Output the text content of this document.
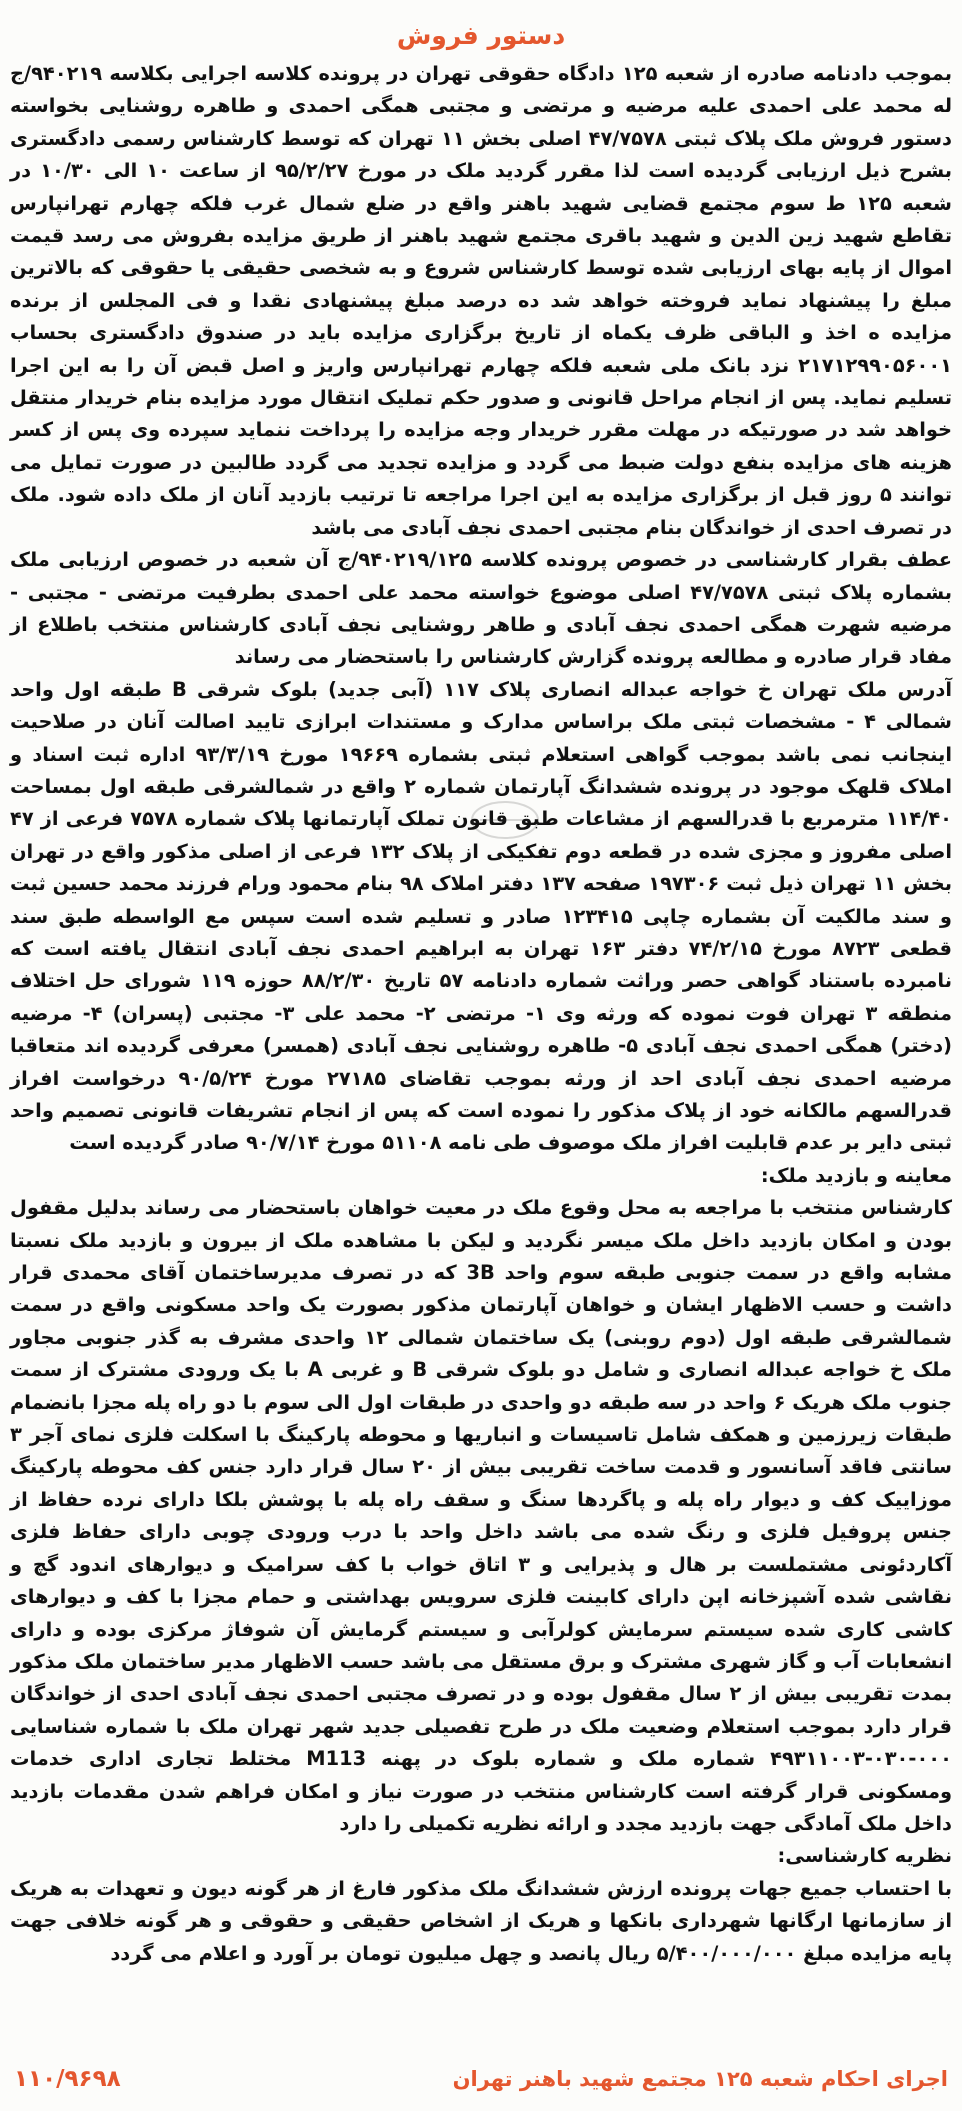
دستور فروش

بموجب دادنامه صادره از شعبه ۱۲۵ دادگاه حقوقی تهران در پرونده کلاسه اجرایی بکلاسه ۹۴۰۲۱۹/ج له محمد علی احمدی علیه مرضیه و مرتضی و مجتبی همگی احمدی و طاهره روشنایی بخواسته دستور فروش ملک پلاک ثبتی ۴۷/۷۵۷۸ اصلی بخش ۱۱ تهران که توسط کارشناس رسمی دادگستری بشرح ذیل ارزیابی گردیده است لذا مقرر گردید ملک در مورخ ۹۵/۲/۲۷ از ساعت ۱۰ الی ۱۰/۳۰ در شعبه ۱۲۵ ط سوم مجتمع قضایی شهید باهنر واقع در ضلع شمال غرب فلکه چهارم تهرانپارس تقاطع شهید زین الدین و شهید باقری مجتمع شهید باهنر از طریق مزایده بفروش می رسد قیمت اموال از پایه بهای ارزیابی شده توسط کارشناس شروع و به شخصی حقیقی یا حقوقی که بالاترین مبلغ را پیشنهاد نماید فروخته خواهد شد ده درصد مبلغ پیشنهادی نقدا و فی المجلس از برنده مزایده ه اخذ و الباقی ظرف یکماه از تاریخ برگزاری مزایده باید در صندوق دادگستری بحساب ۲۱۷۱۲۹۹۰۵۶۰۰۱ نزد بانک ملی شعبه فلکه چهارم تهرانپارس واریز و اصل قبض آن را به این اجرا تسلیم نماید. پس از انجام مراحل قانونی و صدور حکم تملیک انتقال مورد مزایده بنام خریدار منتقل خواهد شد در صورتیکه در مهلت مقرر خریدار وجه مزایده را پرداخت ننماید سپرده وی پس از کسر هزینه های مزایده بنفع دولت ضبط می گردد و مزایده تجدید می گردد طالبین در صورت تمایل می توانند ۵ روز قبل از برگزاری مزایده به این اجرا مراجعه تا ترتیب بازدید آنان از ملک داده شود. ملک در تصرف احدی از خواندگان بنام مجتبی احمدی نجف آبادی می باشد

عطف بقرار کارشناسی در خصوص پرونده کلاسه ۹۴۰۲۱۹/۱۲۵/ج آن شعبه در خصوص ارزیابی ملک بشماره پلاک ثبتی ۴۷/۷۵۷۸ اصلی موضوع خواسته محمد علی احمدی بطرفیت مرتضی - مجتبی - مرضیه شهرت همگی احمدی نجف آبادی و طاهر روشنایی نجف آبادی کارشناس منتخب باطلاع از مفاد قرار صادره و مطالعه پرونده گزارش کارشناس را باستحضار می رساند

آدرس ملک تهران خ خواجه عبداله انصاری پلاک ۱۱۷ (آبی جدید) بلوک شرقی B طبقه اول واحد شمالی ۴ - مشخصات ثبتی ملک براساس مدارک و مستندات ابرازی تایید اصالت آنان در صلاحیت اینجانب نمی باشد بموجب گواهی استعلام ثبتی بشماره ۱۹۶۶۹ مورخ ۹۳/۳/۱۹ اداره ثبت اسناد و املاک قلهک موجود در پرونده ششدانگ آپارتمان شماره ۲ واقع در شمالشرقی طبقه اول بمساحت ۱۱۴/۴۰ مترمربع با قدرالسهم از مشاعات طبق قانون تملک آپارتمانها پلاک شماره ۷۵۷۸ فرعی از ۴۷ اصلی مفروز و مجزی شده در قطعه دوم تفکیکی از پلاک ۱۳۲ فرعی از اصلی مذکور واقع در تهران بخش ۱۱ تهران ذیل ثبت ۱۹۷۳۰۶ صفحه ۱۳۷ دفتر املاک ۹۸ بنام محمود ورام فرزند محمد حسین ثبت و سند مالکیت آن بشماره چاپی ۱۲۳۴۱۵ صادر و تسلیم شده است سپس مع الواسطه طبق سند قطعی ۸۷۲۳ مورخ ۷۴/۲/۱۵ دفتر ۱۶۳ تهران به ابراهیم احمدی نجف آبادی انتقال یافته است که نامبرده باستناد گواهی حصر وراثت شماره دادنامه ۵۷ تاریخ ۸۸/۲/۳۰ حوزه ۱۱۹ شورای حل اختلاف منطقه ۳ تهران فوت نموده که ورثه وی ۱- مرتضی ۲- محمد علی ۳- مجتبی (پسران) ۴- مرضیه (دختر) همگی احمدی نجف آبادی ۵- طاهره روشنایی نجف آبادی (همسر) معرفی گردیده اند متعاقبا مرضیه احمدی نجف آبادی احد از ورثه بموجب تقاضای ۲۷۱۸۵ مورخ ۹۰/۵/۲۴ درخواست افراز قدرالسهم مالکانه خود از پلاک مذکور را نموده است که پس از انجام تشریفات قانونی تصمیم واحد ثبتی دایر بر عدم قابلیت افراز ملک موصوف طی نامه ۵۱۱۰۸ مورخ ۹۰/۷/۱۴ صادر گردیده است

معاینه و بازدید ملک:

کارشناس منتخب با مراجعه به محل وقوع ملک در معیت خواهان باستحضار می رساند بدلیل مقفول بودن و امکان بازدید داخل ملک میسر نگردید و لیکن با مشاهده ملک از بیرون و بازدید ملک نسبتا مشابه واقع در سمت جنوبی طبقه سوم واحد 3B که در تصرف مدیرساختمان آقای محمدی قرار داشت و حسب الاظهار ایشان و خواهان آپارتمان مذکور بصورت یک واحد مسکونی واقع در سمت شمالشرقی طبقه اول (دوم روبنی) یک ساختمان شمالی ۱۲ واحدی مشرف به گذر جنوبی مجاور ملک خ خواجه عبداله انصاری و شامل دو بلوک شرقی B و غربی A با یک ورودی مشترک از سمت جنوب ملک هریک ۶ واحد در سه طبقه دو واحدی در طبقات اول الی سوم با دو راه پله مجزا بانضمام طبقات زیرزمین و همکف شامل تاسیسات و انباریها و محوطه پارکینگ با اسکلت فلزی نمای آجر ۳ سانتی فاقد آسانسور و قدمت ساخت تقریبی بیش از ۲۰ سال قرار دارد جنس کف محوطه پارکینگ موزاییک کف و دیوار راه پله و پاگردها سنگ و سقف راه پله با پوشش بلکا دارای نرده حفاظ از جنس پروفیل فلزی و رنگ شده می باشد داخل واحد با درب ورودی چوبی دارای حفاظ فلزی آکاردئونی مشتملست بر هال و پذیرایی و ۳ اتاق خواب با کف سرامیک و دیوارهای اندود گچ و نقاشی شده آشپزخانه اپن دارای کابینت فلزی سرویس بهداشتی و حمام مجزا با کف و دیوارهای کاشی کاری شده سیستم سرمایش کولرآبی و سیستم گرمایش آن شوفاژ مرکزی بوده و دارای انشعابات آب و گاز شهری مشترک و برق مستقل می باشد حسب الاظهار مدیر ساختمان ملک مذکور بمدت تقریبی بیش از ۲ سال مقفول بوده و در تصرف مجتبی احمدی نجف آبادی احدی از خواندگان قرار دارد بموجب استعلام وضعیت ملک در طرح تفصیلی جدید شهر تهران ملک با شماره شناسایی ۰۰۰-۰۳۰-۴۹۳۱۱۰۰۳ شماره ملک و شماره بلوک در پهنه M113 مختلط تجاری اداری خدمات ومسکونی قرار گرفته است کارشناس منتخب در صورت نیاز و امکان فراهم شدن مقدمات بازدید داخل ملک آمادگی جهت بازدید مجدد و ارائه نظریه تکمیلی را دارد

نظریه کارشناسی:

با احتساب جمیع جهات پرونده ارزش ششدانگ ملک مذکور فارغ از هر گونه دیون و تعهدات به هریک از سازمانها ارگانها شهرداری بانکها و هریک از اشخاص حقیقی و حقوقی و هر گونه خلافی جهت پایه مزایده مبلغ ۵/۴۰۰/۰۰۰/۰۰۰ ریال پانصد و چهل میلیون تومان بر آورد و اعلام می گردد

اجرای احکام شعبه ۱۲۵ مجتمع شهید باهنر تهران
۱۱۰/۹۶۹۸
